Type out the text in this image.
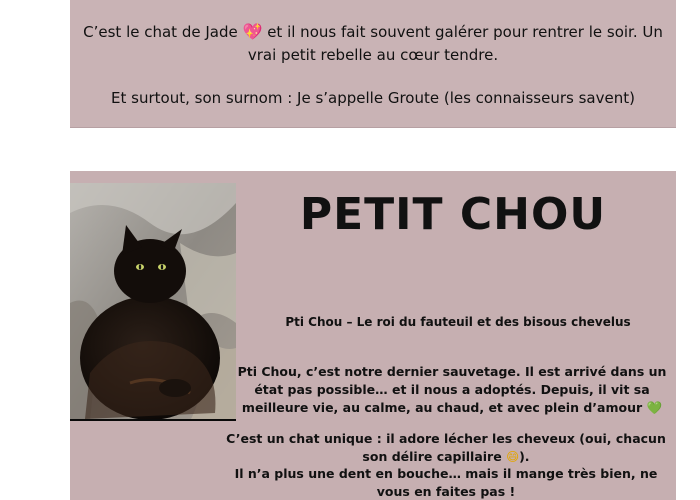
C’est le chat de Jade 💖 et il nous fait souvent galérer pour rentrer le soir. Un vrai petit rebelle au cœur tendre.
Et surtout, son surnom : Je s’appelle Groute (les connaisseurs savent)
PETIT CHOU
Pti Chou – Le roi du fauteuil et des bisous chevelus
Pti Chou, c’est notre dernier sauvetage. Il est arrivé dans un état pas possible… et il nous a adoptés. Depuis, il vit sa meilleure vie, au calme, au chaud, et avec plein d’amour 💚
C’est un chat unique : il adore lécher les cheveux (oui, chacun son délire capillaire 😄).
Il n’a plus une dent en bouche… mais il mange très bien, ne vous en faites pas !
